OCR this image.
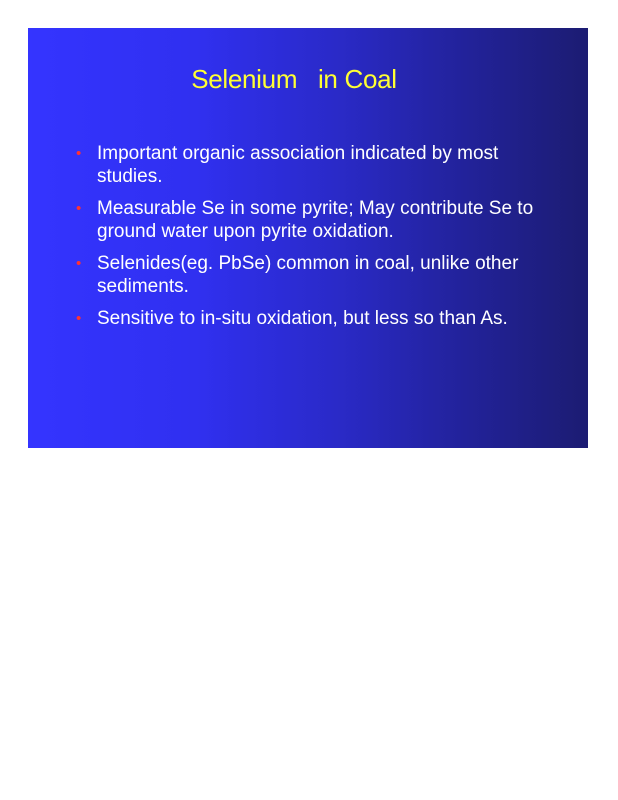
Selenium   in Coal
• Important organic association indicated by most studies.
• Measurable Se in some pyrite; May contribute Se to ground water upon pyrite oxidation.
• Selenides(eg. PbSe) common in coal, unlike other sediments.
• Sensitive to in-situ oxidation, but less so than As.
